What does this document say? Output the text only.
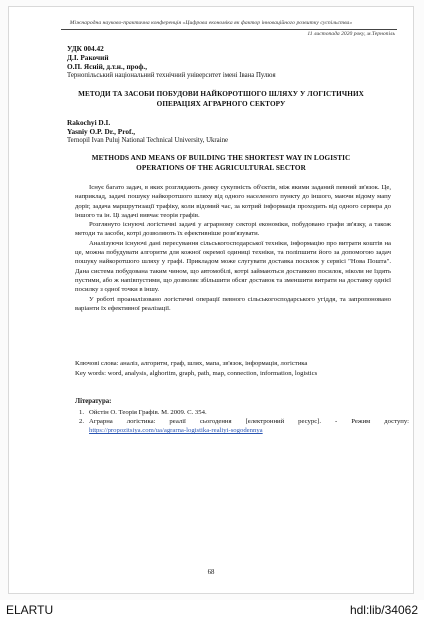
Міжнародна науково-практична конференція «Цифрова економіка як фактор інноваційного розвитку суспільства»
11 листопада 2020 року, м.Тернопіль
УДК 004.42
Д.І. Ракочий
О.П. Ясній, д.т.н., проф.,
Тернопільський національний технічний університет імені Івана Пулюя
МЕТОДИ ТА ЗАСОБИ ПОБУДОВИ НАЙКОРОТШОГО ШЛЯХУ У ЛОГІСТИЧНИХ
ОПЕРАЦІЯХ АГРАРНОГО СЕКТОРУ
Rakochyi D.I.
Yasniy O.P. Dr., Prof.,
Ternopil Ivan Puluj National Technical University, Ukraine
METHODS AND MEANS OF BUILDING THE SHORTEST WAY IN LOGISTIC
OPERATIONS OF THE AGRICULTURAL SECTOR

Існує багато задач, в яких розглядають деяку сукупність об'єктів, між якими заданий певний зв'язок. Це, наприклад, задачі пошуку найкоротшого шляху від одного населеного пункту до іншого, маючи відому мапу доріг, задача маршрутизації трафіку, коли відомий час, за котрий інформація проходить від одного сервера до іншого та ін. Ці задачі вивчає теорія графів.

Розглянуто існуючі логістичні задачі у аграрному секторі економіки, побудовано графи зв'язку, а також методи та засоби, котрі дозволяють їх ефективніше розв'язувати.

Аналізуючи існуючі дані пересування сільськогосподарської техніки, інформацію про витрати коштів на це, можна побудувати алгоритм для кожної окремої одиниці техніки, та поліпшити його за допомогою задач пошуку найкоротшого шляху у графі. Прикладом може слугувати доставка посилок у сервісі "Нова Пошта". Дана система побудована таким чином, що автомобілі, котрі займаються доставкою посилок, ніколи не їздять пустими, або ж напівпустими, що дозволяє збільшити обсяг доставок та зменшити витрати на доставку однієї посилку з одної точки в іншу.

У роботі проаналізовано логістичні операції певного сільськогосподарського угіддя, та запропоновано варіанти їх ефективної реалізації.

Ключові слова: аналіз, алгоритм, граф, шлях, мапа, зв'язок, інформація, логістика
Key words: word, analysis, alghoritm, graph, path, map, connection, information, logistics
Література:
1. Ойстін О. Теорія Графів. М. 2009. С. 354.
2. Аграрна логістика: реалії сьогодення [електронний ресурс]. - Режим доступу: https://propozitsiya.com/ua/agrarna-logistika-realiyi-sogodennya
68
ELARTU	hdl:lib/34062
